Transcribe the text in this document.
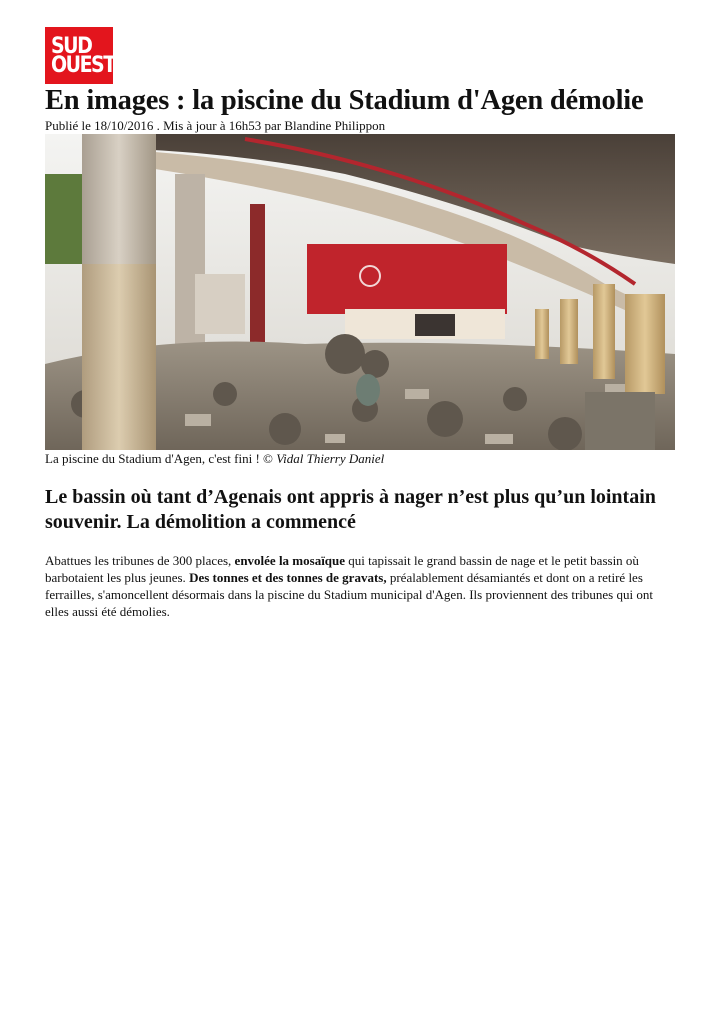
SUD
OUEST
En images : la piscine du Stadium d'Agen démolie
Publié le 18/10/2016 . Mis à jour à 16h53 par Blandine Philippon
La piscine du Stadium d'Agen, c'est fini ! © Vidal Thierry Daniel
Le bassin où tant d’Agenais ont appris à nager n’est plus qu’un lointain souvenir. La démolition a commencé

Abattues les tribunes de 300 places, envolée la mosaïque qui tapissait le grand bassin de nage et le petit bassin où barbotaient les plus jeunes. Des tonnes et des tonnes de gravats, préalablement désamiantés et dont on a retiré les ferrailles, s'amoncellent désormais dans la piscine du Stadium municipal d'Agen. Ils proviennent des tribunes qui ont elles aussi été démolies.
